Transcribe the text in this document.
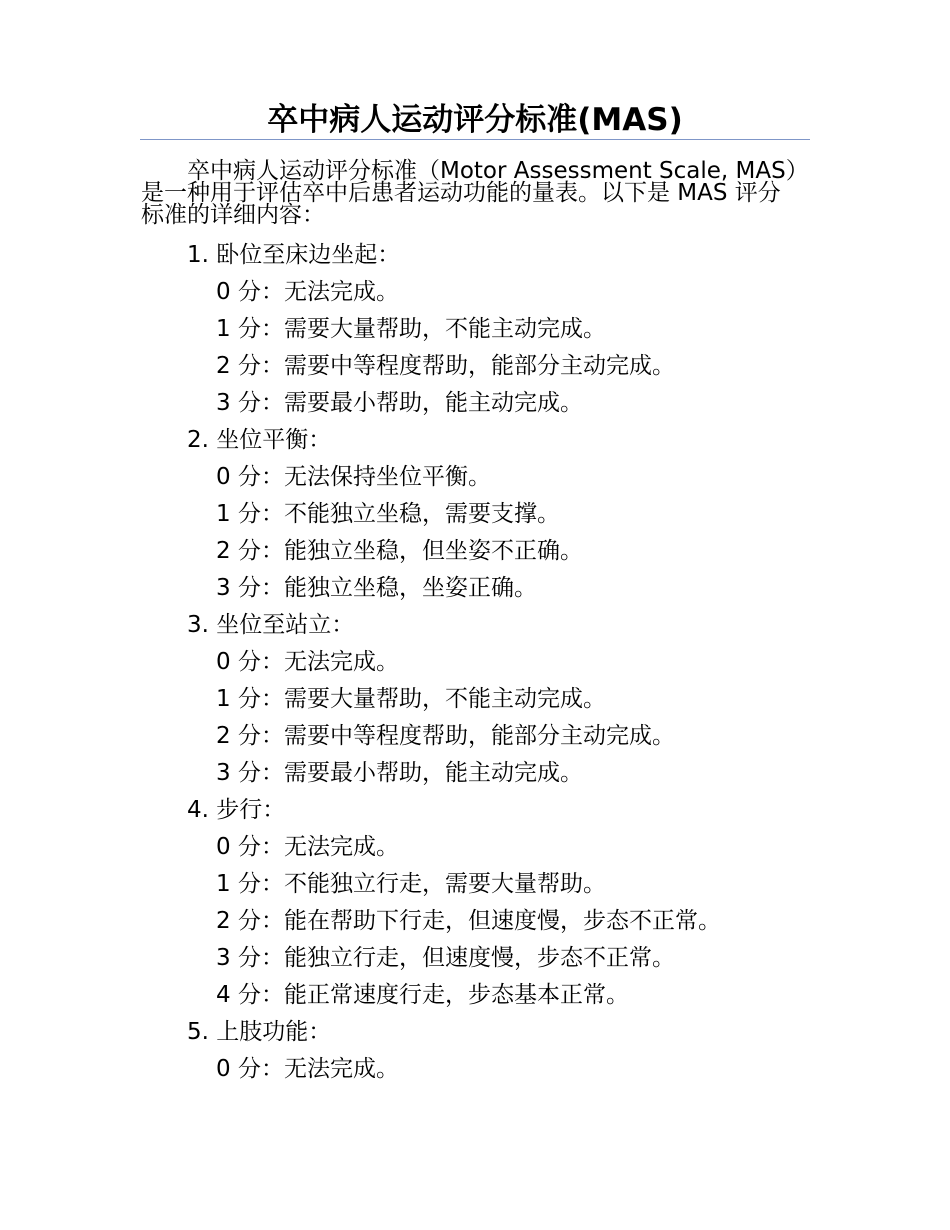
卒中病人运动评分标准(MAS)
卒中病人运动评分标准（Motor Assessment Scale, MAS）是一种用于评估卒中后患者运动功能的量表。以下是 MAS 评分标准的详细内容：
1. 卧位至床边坐起：
0 分：无法完成。
1 分：需要大量帮助，不能主动完成。
2 分：需要中等程度帮助，能部分主动完成。
3 分：需要最小帮助，能主动完成。
2. 坐位平衡：
0 分：无法保持坐位平衡。
1 分：不能独立坐稳，需要支撑。
2 分：能独立坐稳，但坐姿不正确。
3 分：能独立坐稳，坐姿正确。
3. 坐位至站立：
0 分：无法完成。
1 分：需要大量帮助，不能主动完成。
2 分：需要中等程度帮助，能部分主动完成。
3 分：需要最小帮助，能主动完成。
4. 步行：
0 分：无法完成。
1 分：不能独立行走，需要大量帮助。
2 分：能在帮助下行走，但速度慢，步态不正常。
3 分：能独立行走，但速度慢，步态不正常。
4 分：能正常速度行走，步态基本正常。
5. 上肢功能：
0 分：无法完成。
